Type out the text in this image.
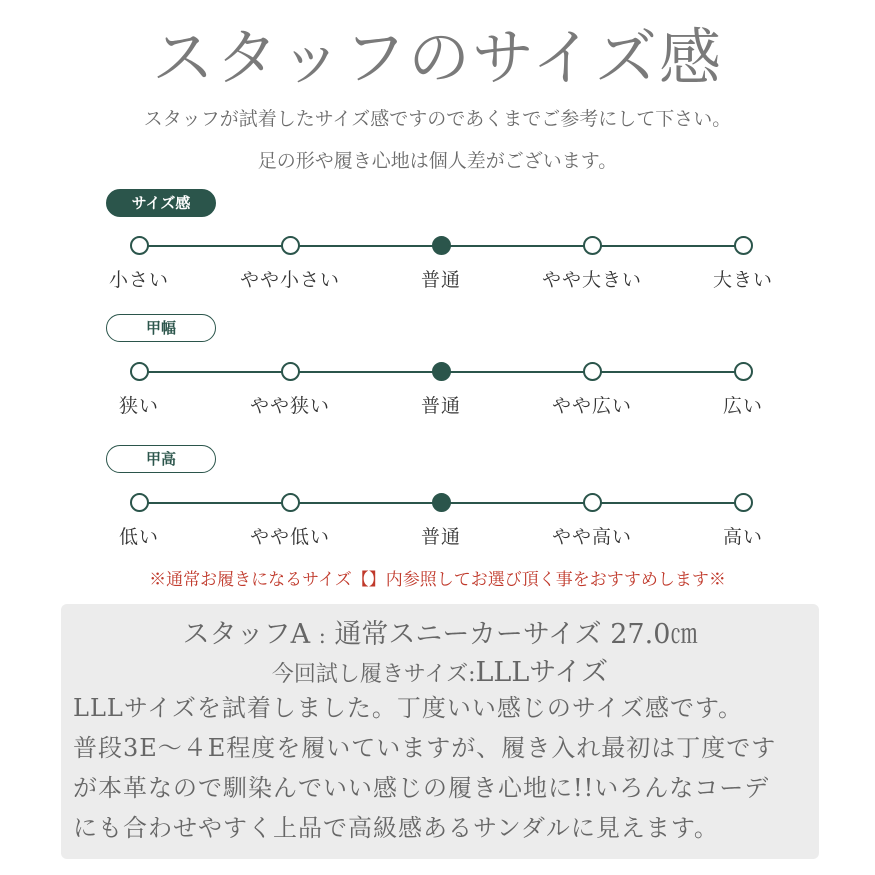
スタッフのサイズ感
スタッフが試着したサイズ感ですのであくまでご参考にして下さい。
足の形や履き心地は個人差がございます。
サイズ感
小さい	やや小さい	普通	やや大きい	大きい
甲幅
狭い	やや狭い	普通	やや広い	広い
甲高
低い	やや低い	普通	やや高い	高い
※通常お履きになるサイズ【】内参照してお選び頂く事をおすすめします※
スタッフA : 通常スニーカーサイズ 27.0㎝
今回試し履きサイズ:LLLサイズ
LLLサイズを試着しました。丁度いい感じのサイズ感です。
普段3E～４E程度を履いていますが、履き入れ最初は丁度です
が本革なので馴染んでいい感じの履き心地に!!いろんなコーデ
にも合わせやすく上品で高級感あるサンダルに見えます。
